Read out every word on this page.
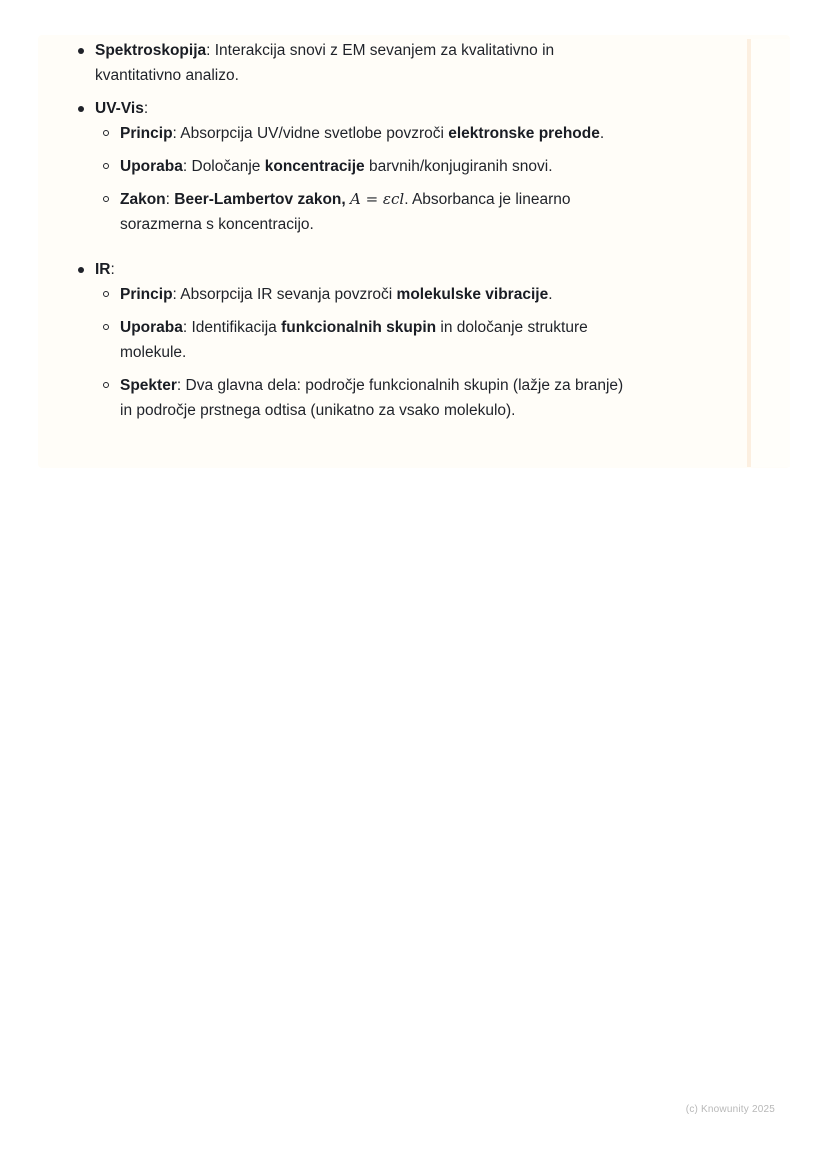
Spektroskopija: Interakcija snovi z EM sevanjem za kvalitativno in kvantitativno analizo.
UV-Vis:
Princip: Absorpcija UV/vidne svetlobe povzroči elektronske prehode.
Uporaba: Določanje koncentracije barvnih/konjugiranih snovi.
Zakon: Beer-Lambertov zakon, A = εcl. Absorbanca je linearno sorazmerna s koncentracijo.
IR:
Princip: Absorpcija IR sevanja povzroči molekulske vibracije.
Uporaba: Identifikacija funkcionalnih skupin in določanje strukture molekule.
Spekter: Dva glavna dela: področje funkcionalnih skupin (lažje za branje) in področje prstnega odtisa (unikatno za vsako molekulo).
(c) Knowunity 2025
